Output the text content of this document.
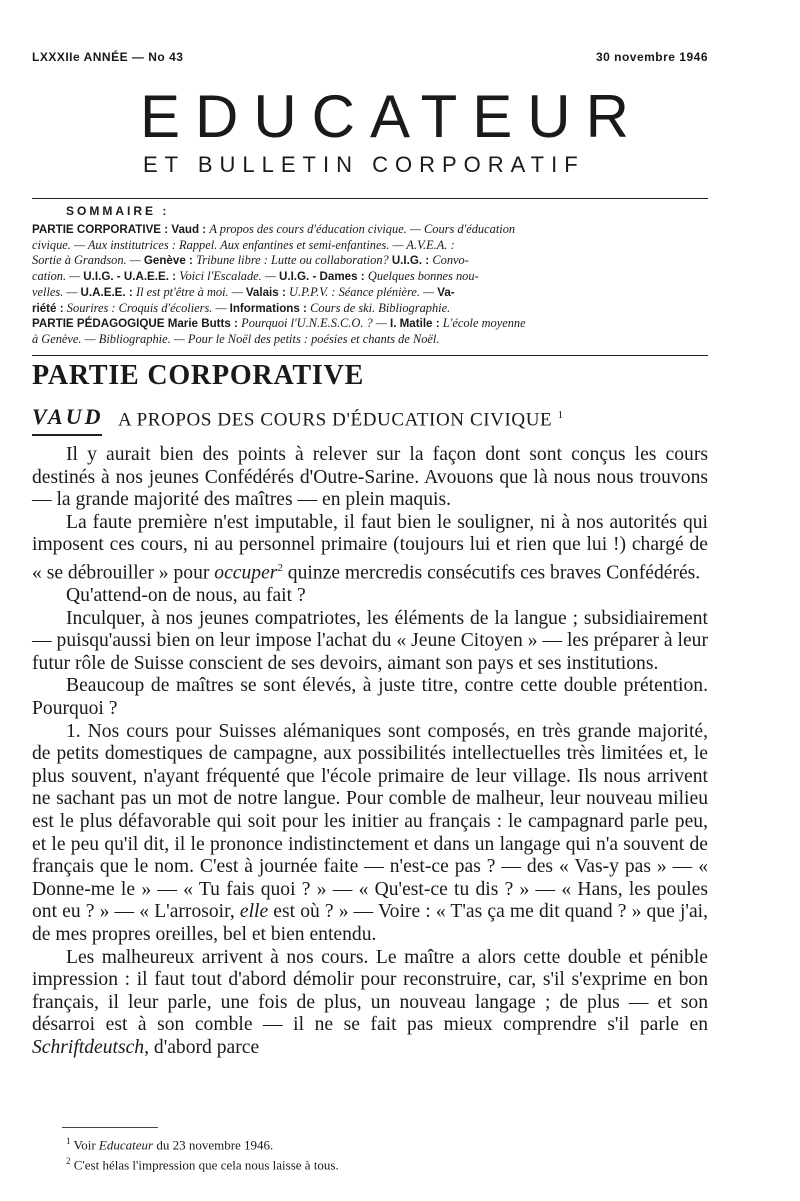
LXXXIIe ANNÉE — No 43	30 novembre 1946
EDUCATEUR
ET BULLETIN CORPORATIF
SOMMAIRE :
PARTIE CORPORATIVE : Vaud : A propos des cours d'éducation civique. — Cours d'éducation
civique. — Aux institutrices : Rappel. Aux enfantines et semi-enfantines. — A.V.E.A. :
Sortie à Grandson. — Genève : Tribune libre : Lutte ou collaboration? U.I.G. : Convo-
cation. — U.I.G. - U.A.E.E. : Voici l'Escalade. — U.I.G. - Dames : Quelques bonnes nou-
velles. — U.A.E.E. : Il est pt'être à moi. — Valais : U.P.P.V. : Séance plénière. — Va-
riété : Sourires : Croquis d'écoliers. — Informations : Cours de ski. Bibliographie.
PARTIE PÉDAGOGIQUE Marie Butts : Pourquoi l'U.N.E.S.C.O. ? — I. Matile : L'école moyenne
à Genève. — Bibliographie. — Pour le Noël des petits : poésies et chants de Noël.
PARTIE CORPORATIVE
VAUD A PROPOS DES COURS D'ÉDUCATION CIVIQUE $^1$

Il y aurait bien des points à relever sur la façon dont sont conçus les cours destinés à nos jeunes Confédérés d'Outre-Sarine. Avouons que là nous nous trouvons — la grande majorité des maîtres — en plein maquis.

La faute première n'est imputable, il faut bien le souligner, ni à nos autorités qui imposent ces cours, ni au personnel primaire (toujours lui et rien que lui !) chargé de « se débrouiller » pour occuper$^2$ quinze mercredis consécutifs ces braves Confédérés.

Qu'attend-on de nous, au fait ?

Inculquer, à nos jeunes compatriotes, les éléments de la langue ; subsidiairement — puisqu'aussi bien on leur impose l'achat du « Jeune Citoyen » — les préparer à leur futur rôle de Suisse conscient de ses devoirs, aimant son pays et ses institutions.

Beaucoup de maîtres se sont élevés, à juste titre, contre cette double prétention. Pourquoi ?

1. Nos cours pour Suisses alémaniques sont composés, en très grande majorité, de petits domestiques de campagne, aux possibilités intellectuelles très limitées et, le plus souvent, n'ayant fréquenté que l'école primaire de leur village. Ils nous arrivent ne sachant pas un mot de notre langue. Pour comble de malheur, leur nouveau milieu est le plus défavorable qui soit pour les initier au français : le campagnard parle peu, et le peu qu'il dit, il le prononce indistinctement et dans un langage qui n'a souvent de français que le nom. C'est à journée faite — n'est-ce pas ? — des « Vas-y pas » — « Donne-me le » — « Tu fais quoi ? » — « Qu'est-ce tu dis ? » — « Hans, les poules ont eu ? » — « L'arrosoir, elle est où ? » — Voire : « T'as ça me dit quand ? » que j'ai, de mes propres oreilles, bel et bien entendu.

Les malheureux arrivent à nos cours. Le maître a alors cette double et pénible impression : il faut tout d'abord démolir pour reconstruire, car, s'il s'exprime en bon français, il leur parle, une fois de plus, un nouveau langage ; de plus — et son désarroi est à son comble — il ne se fait pas mieux comprendre s'il parle en Schriftdeutsch, d'abord parce

$^1$ Voir Educateur du 23 novembre 1946.
$^2$ C'est hélas l'impression que cela nous laisse à tous.
